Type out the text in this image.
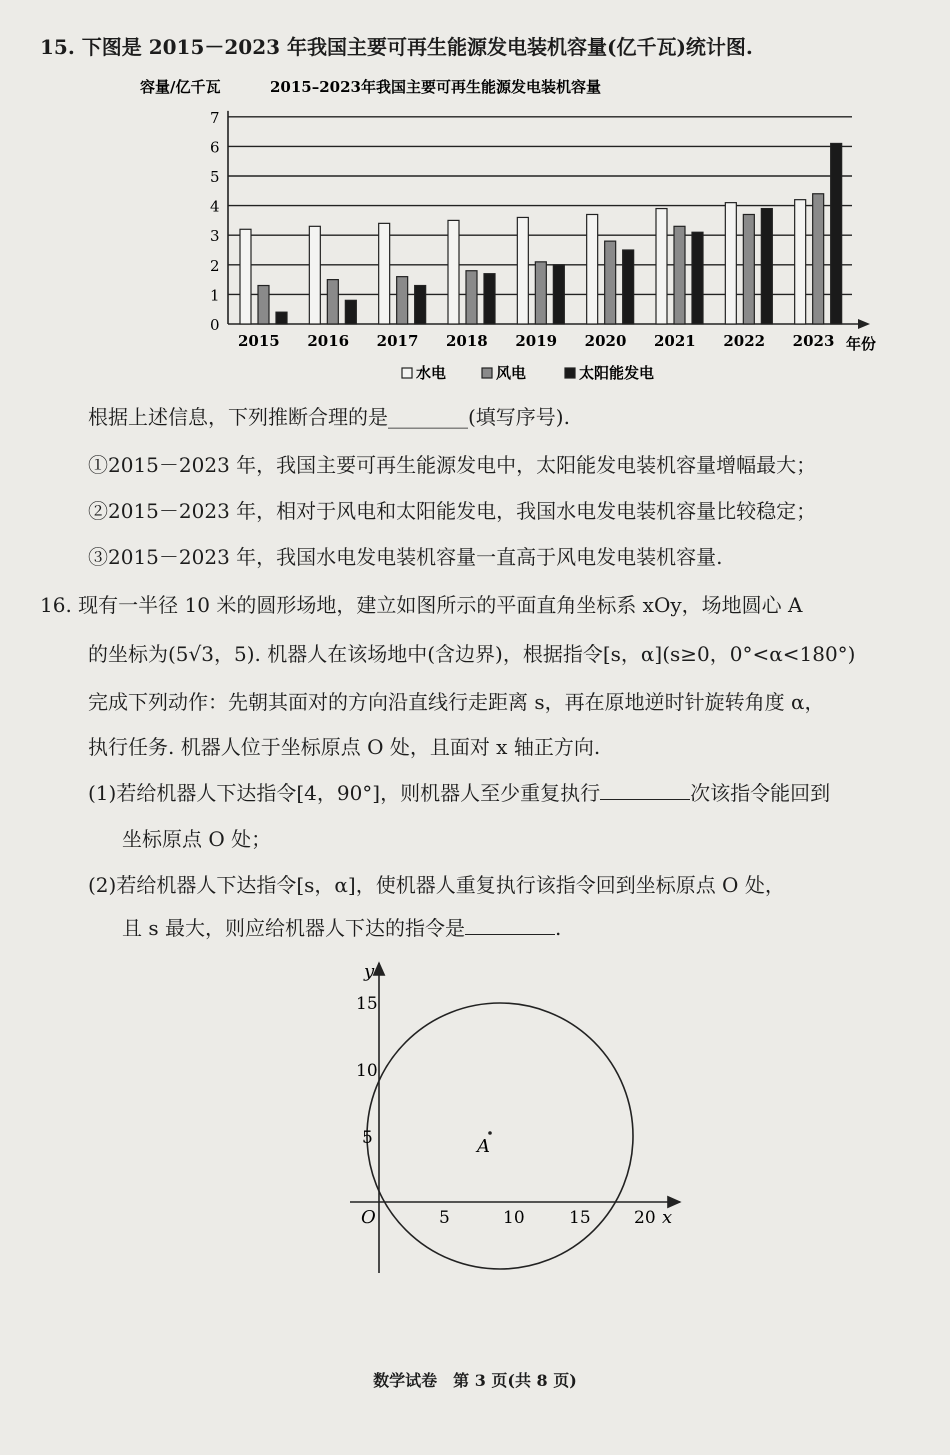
15. 下图是 2015－2023 年我国主要可再生能源发电装机容量(亿千瓦)统计图.
0
1
2
3
4
5
6
7
容量/亿千瓦	2015–2023年我国主要可再生能源发电装机容量
年份
2015 2016 2017 2018 2019 2020 2021 2022 2023
水电	风电	太阳能发电
根据上述信息，下列推断合理的是________(填写序号).
①2015－2023 年，我国主要可再生能源发电中，太阳能发电装机容量增幅最大；
②2015－2023 年，相对于风电和太阳能发电，我国水电发电装机容量比较稳定；
③2015－2023 年，我国水电发电装机容量一直高于风电发电装机容量.
16. 现有一半径 10 米的圆形场地，建立如图所示的平面直角坐标系 xOy，场地圆心 A
的坐标为(5√3，5). 机器人在该场地中(含边界)，根据指令[s，α](s≥0，0°<α<180°)
完成下列动作：先朝其面对的方向沿直线行走距离 s，再在原地逆时针旋转角度 α，
执行任务. 机器人位于坐标原点 O 处，且面对 x 轴正方向.
(1)若给机器人下达指令[4，90°]，则机器人至少重复执行	次该指令能回到
坐标原点 O 处；
(2)若给机器人下达指令[s，α]，使机器人重复执行该指令回到坐标原点 O 处，
且 s 最大，则应给机器人下达的指令是	.
A
O	x
y
5	10	15	20
5
10
15
数学试卷　第 3 页(共 8 页)
